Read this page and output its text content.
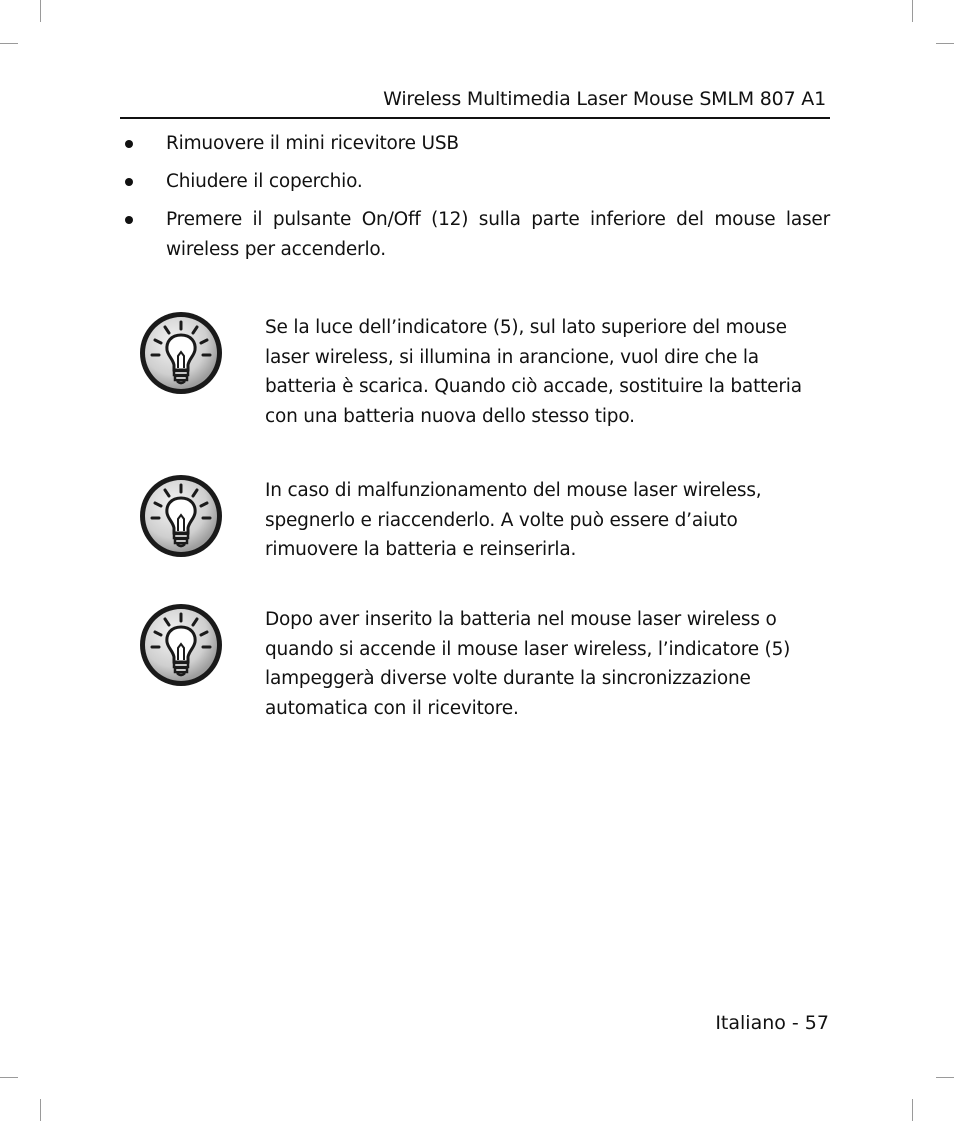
Wireless Multimedia Laser Mouse SMLM 807 A1
Rimuovere il mini ricevitore USB
Chiudere il coperchio.
Premere il pulsante On/Off (12) sulla parte inferiore del mouse laser
wireless per accenderlo.
Se la luce dell’indicatore (5), sul lato superiore del mouse
laser wireless, si illumina in arancione, vuol dire che la
batteria è scarica. Quando ciò accade, sostituire la batteria
con una batteria nuova dello stesso tipo.
In caso di malfunzionamento del mouse laser wireless,
spegnerlo e riaccenderlo. A volte può essere d’aiuto
rimuovere la batteria e reinserirla.
Dopo aver inserito la batteria nel mouse laser wireless o
quando si accende il mouse laser wireless, l’indicatore (5)
lampeggerà diverse volte durante la sincronizzazione
automatica con il ricevitore.
Italiano - 57
